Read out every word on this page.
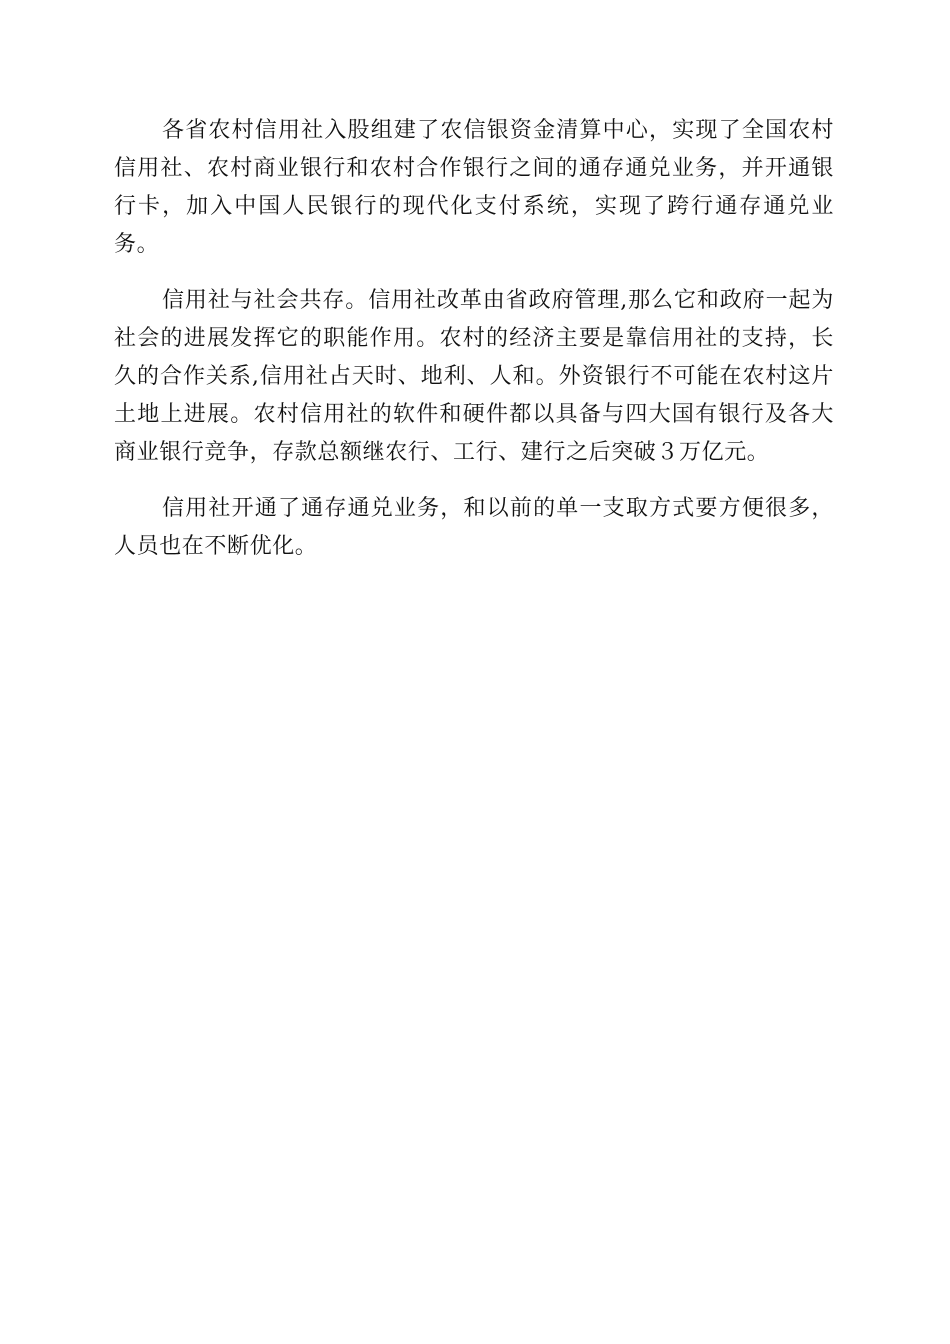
各省农村信用社入股组建了农信银资金清算中心，实现了全国农村信用社、农村商业银行和农村合作银行之间的通存通兑业务，并开通银行卡，加入中国人民银行的现代化支付系统，实现了跨行通存通兑业务。

信用社与社会共存。信用社改革由省政府管理,那么它和政府一起为社会的进展发挥它的职能作用。农村的经济主要是靠信用社的支持，长久的合作关系,信用社占天时、地利、人和。外资银行不可能在农村这片土地上进展。农村信用社的软件和硬件都以具备与四大国有银行及各大商业银行竞争，存款总额继农行、工行、建行之后突破３万亿元。

信用社开通了通存通兑业务，和以前的单一支取方式要方便很多，人员也在不断优化。
